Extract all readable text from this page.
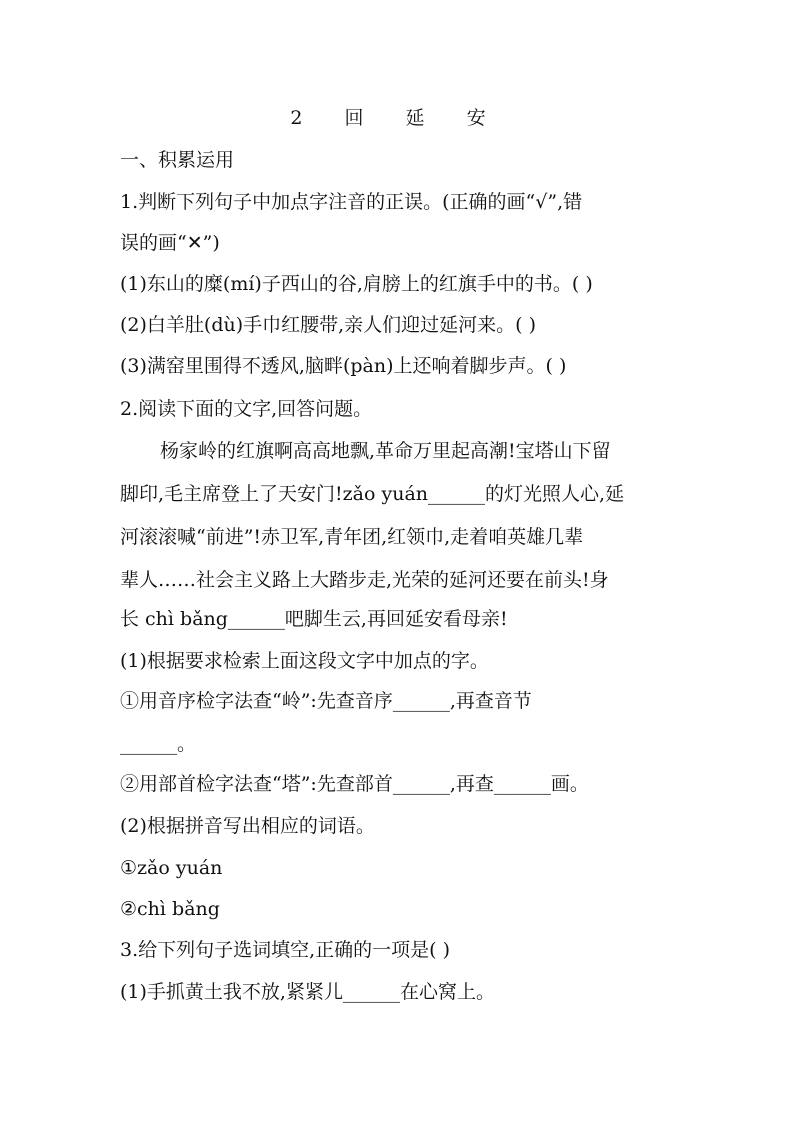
2 回 延 安
一、积累运用
1.判断下列句子中加点字注音的正误。(正确的画“√”,错
误的画“✕”)
(1)东山的糜(mí)子西山的谷,肩膀上的红旗手中的书。( )
(2)白羊肚(dù)手巾红腰带,亲人们迎过延河来。( )
(3)满窑里围得不透风,脑畔(pàn)上还响着脚步声。( )
2.阅读下面的文字,回答问题。
杨家岭的红旗啊高高地飘,革命万里起高潮!宝塔山下留
脚印,毛主席登上了天安门!zǎo yuán______的灯光照人心,延
河滚滚喊“前进”!赤卫军,青年团,红领巾,走着咱英雄几辈
辈人……社会主义路上大踏步走,光荣的延河还要在前头!身
长 chì bǎng______吧脚生云,再回延安看母亲!
(1)根据要求检索上面这段文字中加点的字。
①用音序检字法查“岭”:先查音序______,再查音节
______。
②用部首检字法查“塔”:先查部首______,再查______画。
(2)根据拼音写出相应的词语。
①zǎo yuán
②chì bǎng
3.给下列句子选词填空,正确的一项是( )
(1)手抓黄土我不放,紧紧儿______在心窝上。
